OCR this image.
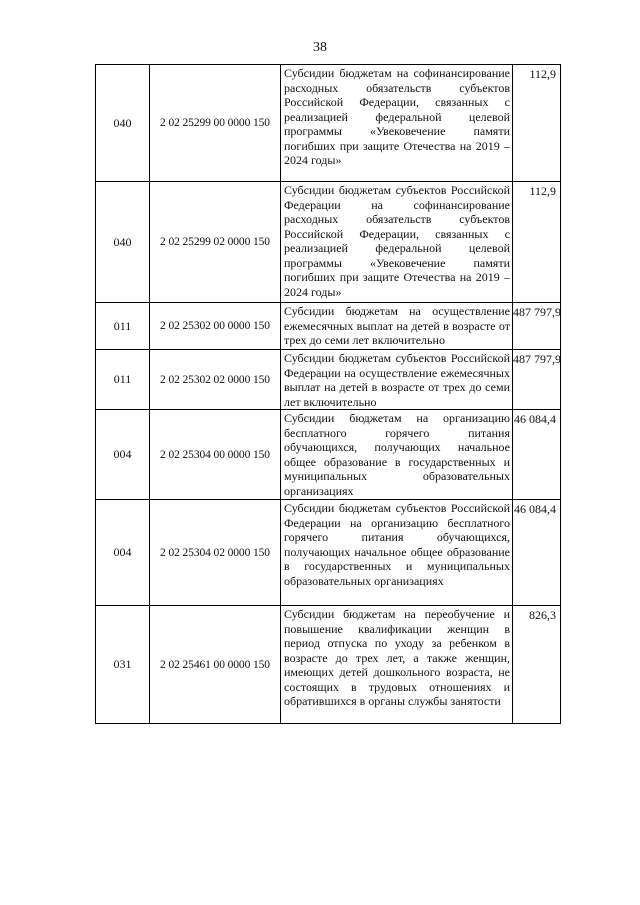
38
040	2 02 25299 00 0000 150	Субсидии бюджетам на софинансирование расходных обязательств субъектов Российской Федерации, связанных с реализацией федеральной целевой программы «Увековечение памяти погибших при защите Отечества на 2019 – 2024 годы»	112,9
040	2 02 25299 02 0000 150	Субсидии бюджетам субъектов Российской Федерации на софинансирование расходных обязательств субъектов Российской Федерации, связанных с реализацией федеральной целевой программы «Увековечение памяти погибших при защите Отечества на 2019 – 2024 годы»	112,9
011	2 02 25302 00 0000 150	Субсидии бюджетам на осуществление ежемесячных выплат на детей в возрасте от трех до семи лет включительно	487 797,9
011	2 02 25302 02 0000 150	Субсидии бюджетам субъектов Российской Федерации на осуществление ежемесячных выплат на детей в возрасте от трех до семи лет включительно	487 797,9
004	2 02 25304 00 0000 150	Субсидии бюджетам на организацию бесплатного горячего питания обучающихся, получающих начальное общее образование в государственных и муниципальных образовательных организациях	46 084,4
004	2 02 25304 02 0000 150	Субсидии бюджетам субъектов Российской Федерации на организацию бесплатного горячего питания обучающихся, получающих начальное общее образование в государственных и муниципальных образовательных организациях	46 084,4
031	2 02 25461 00 0000 150	Субсидии бюджетам на переобучение и повышение квалификации женщин в период отпуска по уходу за ребенком в возрасте до трех лет, а также женщин, имеющих детей дошкольного возраста, не состоящих в трудовых отношениях и обратившихся в органы службы занятости	826,3
